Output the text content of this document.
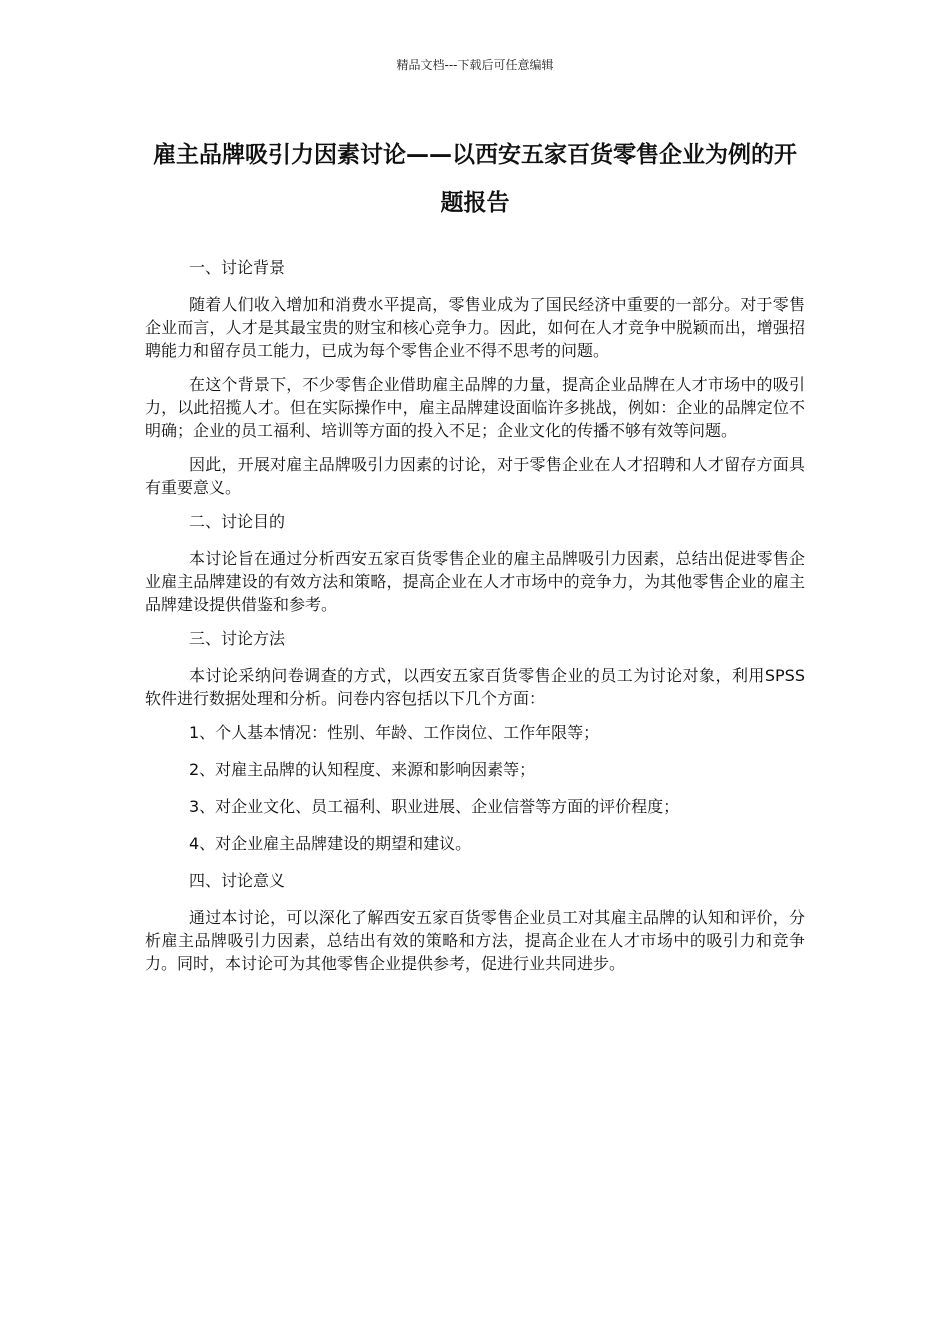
精品文档---下载后可任意编辑
雇主品牌吸引力因素讨论——以西安五家百货零售企业为例的开题报告

一、讨论背景

随着人们收入增加和消费水平提高，零售业成为了国民经济中重要的一部分。对于零售企业而言，人才是其最宝贵的财宝和核心竞争力。因此，如何在人才竞争中脱颖而出，增强招聘能力和留存员工能力，已成为每个零售企业不得不思考的问题。

在这个背景下，不少零售企业借助雇主品牌的力量，提高企业品牌在人才市场中的吸引力，以此招揽人才。但在实际操作中，雇主品牌建设面临许多挑战，例如：企业的品牌定位不明确；企业的员工福利、培训等方面的投入不足；企业文化的传播不够有效等问题。

因此，开展对雇主品牌吸引力因素的讨论，对于零售企业在人才招聘和人才留存方面具有重要意义。

二、讨论目的

本讨论旨在通过分析西安五家百货零售企业的雇主品牌吸引力因素，总结出促进零售企业雇主品牌建设的有效方法和策略，提高企业在人才市场中的竞争力，为其他零售企业的雇主品牌建设提供借鉴和参考。

三、讨论方法

本讨论采纳问卷调查的方式，以西安五家百货零售企业的员工为讨论对象，利用SPSS软件进行数据处理和分析。问卷内容包括以下几个方面：

1、个人基本情况：性别、年龄、工作岗位、工作年限等；

2、对雇主品牌的认知程度、来源和影响因素等；

3、对企业文化、员工福利、职业进展、企业信誉等方面的评价程度；

4、对企业雇主品牌建设的期望和建议。

四、讨论意义

通过本讨论，可以深化了解西安五家百货零售企业员工对其雇主品牌的认知和评价，分析雇主品牌吸引力因素，总结出有效的策略和方法，提高企业在人才市场中的吸引力和竞争力。同时，本讨论可为其他零售企业提供参考，促进行业共同进步。
